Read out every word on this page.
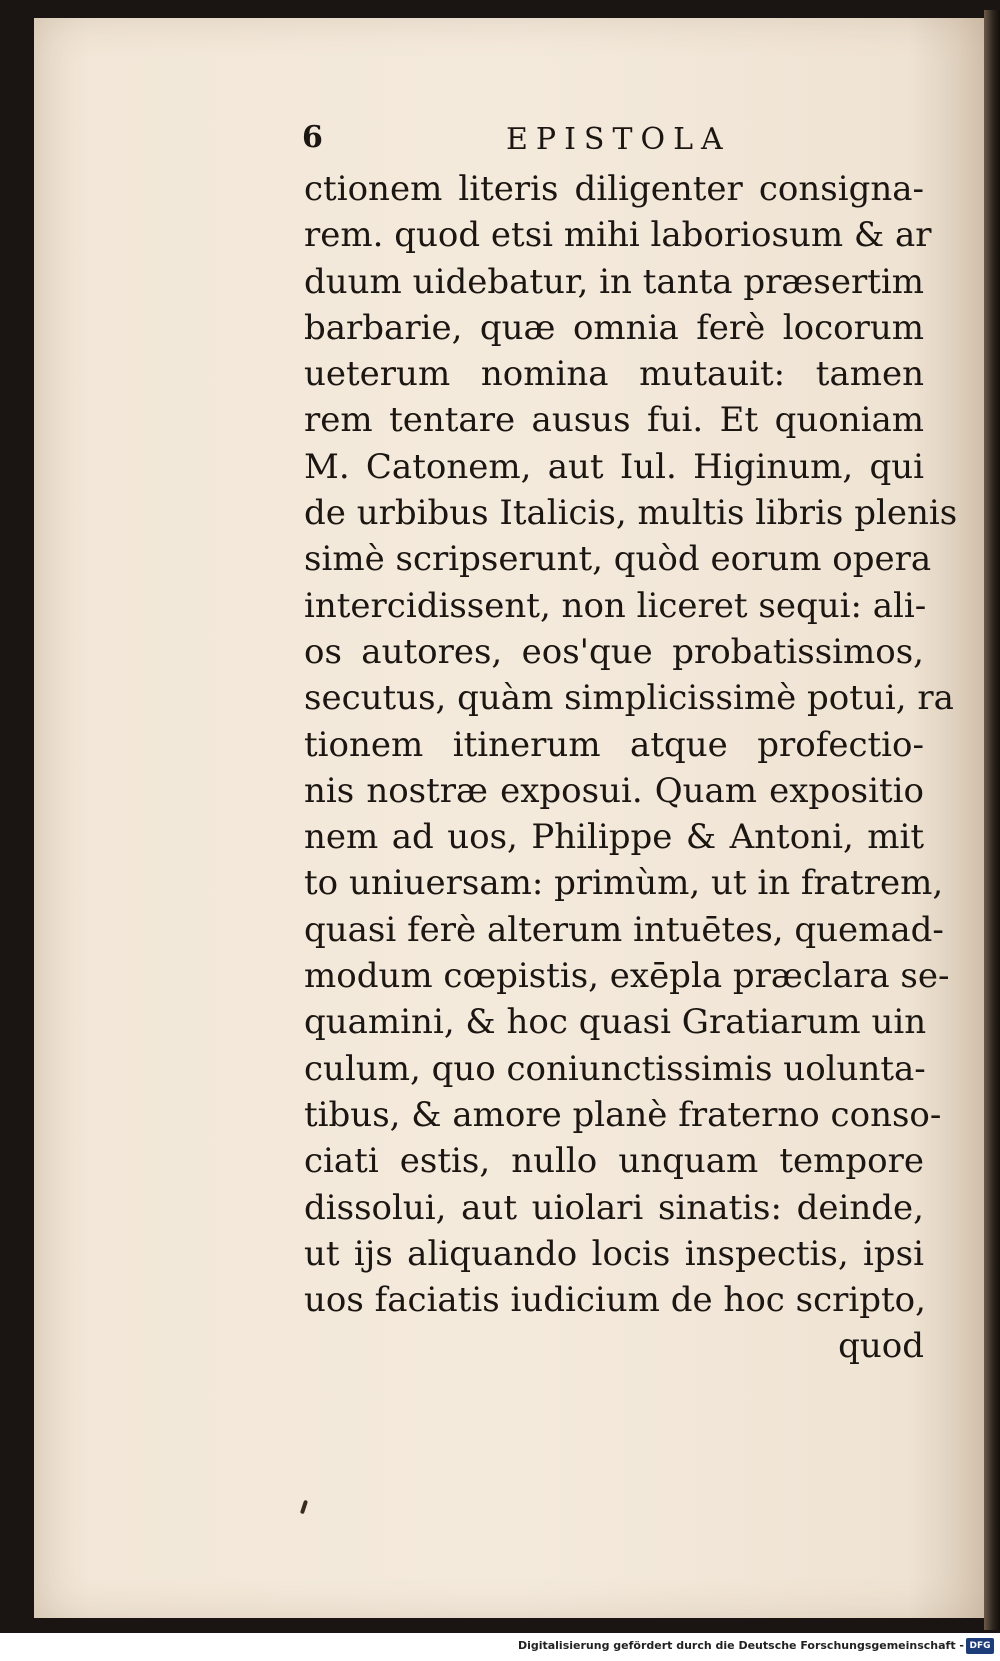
6	EPISTOLA
ctionem literis diligenter consigna-
rem. quod etsi mihi laboriosum & ar
duum uidebatur, in tanta præsertim
barbarie, quæ omnia ferè locorum
ueterum nomina mutauit: tamen
rem tentare ausus fui. Et quoniam
M. Catonem, aut Iul. Higinum, qui
de urbibus Italicis, multis libris plenis
simè scripserunt, quòd eorum opera
intercidissent, non liceret sequi: ali-
os autores, eos'que probatissimos,
secutus, quàm simplicissimè potui, ra
tionem itinerum atque profectio-
nis nostræ exposui. Quam expositio
nem ad uos, Philippe & Antoni, mit
to uniuersam: primùm, ut in fratrem,
quasi ferè alterum intuētes, quemad-
modum cœpistis, exēpla præclara se-
quamini, & hoc quasi Gratiarum uin
culum, quo coniunctissimis uolunta-
tibus, & amore planè fraterno conso-
ciati estis, nullo unquam tempore
dissolui, aut uiolari sinatis: deinde,
ut ijs aliquando locis inspectis, ipsi
uos faciatis iudicium de hoc scripto,
quod
Digitalisierung gefördert durch die Deutsche Forschungsgemeinschaft - DFG
